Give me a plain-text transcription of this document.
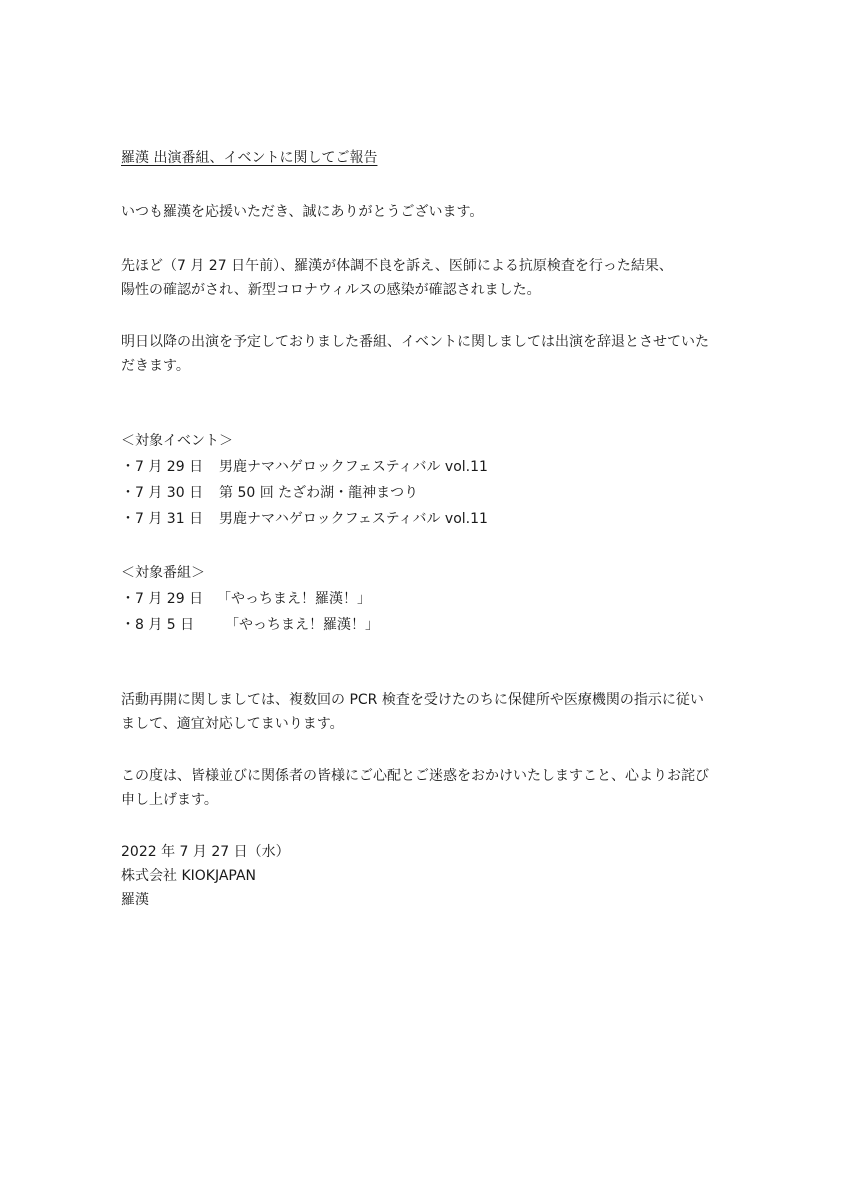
羅漢 出演番組、イベントに関してご報告
いつも羅漢を応援いただき、誠にありがとうございます。
先ほど（7 月 27 日午前）、羅漢が体調不良を訴え、医師による抗原検査を行った結果、
陽性の確認がされ、新型コロナウィルスの感染が確認されました。
明日以降の出演を予定しておりました番組、イベントに関しましては出演を辞退とさせていた
だきます。
＜対象イベント＞
・7 月 29 日	男鹿ナマハゲロックフェスティバル vol.11
・7 月 30 日	第 50 回 たざわ湖・龍神まつり
・7 月 31 日	男鹿ナマハゲロックフェスティバル vol.11
＜対象番組＞
・7 月 29 日 「やっちまえ！羅漢！」
・8 月 5 日	「やっちまえ！羅漢！」
活動再開に関しましては、複数回の PCR 検査を受けたのちに保健所や医療機関の指示に従い
まして、適宜対応してまいります。
この度は、皆様並びに関係者の皆様にご心配とご迷惑をおかけいたしますこと、心よりお詫び
申し上げます。
2022 年 7 月 27 日（水）
株式会社 KIOKJAPAN
羅漢
